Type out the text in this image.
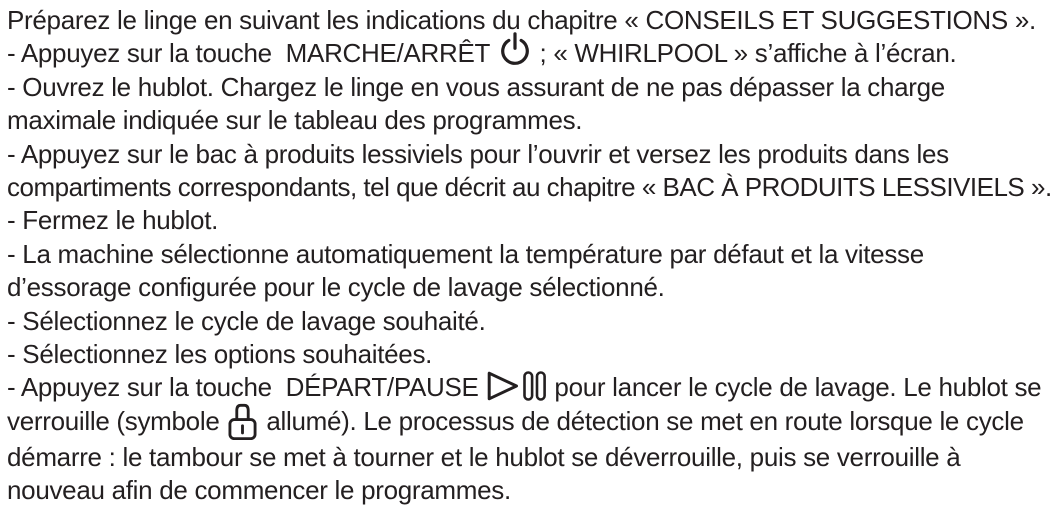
Préparez le linge en suivant les indications du chapitre « CONSEILS ET SUGGESTIONS ».

- Appuyez sur la touche  MARCHE/ARRÊT  ; « WHIRLPOOL » s’affiche à l’écran.

- Ouvrez le hublot. Chargez le linge en vous assurant de ne pas dépasser la charge

maximale indiquée sur le tableau des programmes.

- Appuyez sur le bac à produits lessiviels pour l’ouvrir et versez les produits dans les

compartiments correspondants, tel que décrit au chapitre « BAC À PRODUITS LESSIVIELS ».

- Fermez le hublot.

- La machine sélectionne automatiquement la température par défaut et la vitesse

d’essorage configurée pour le cycle de lavage sélectionné.

- Sélectionnez le cycle de lavage souhaité.

- Sélectionnez les options souhaitées.

- Appuyez sur la touche  DÉPART/PAUSE  pour lancer le cycle de lavage. Le hublot se

verrouille (symbole  allumé). Le processus de détection se met en route lorsque le cycle

démarre : le tambour se met à tourner et le hublot se déverrouille, puis se verrouille à

nouveau afin de commencer le programmes.
